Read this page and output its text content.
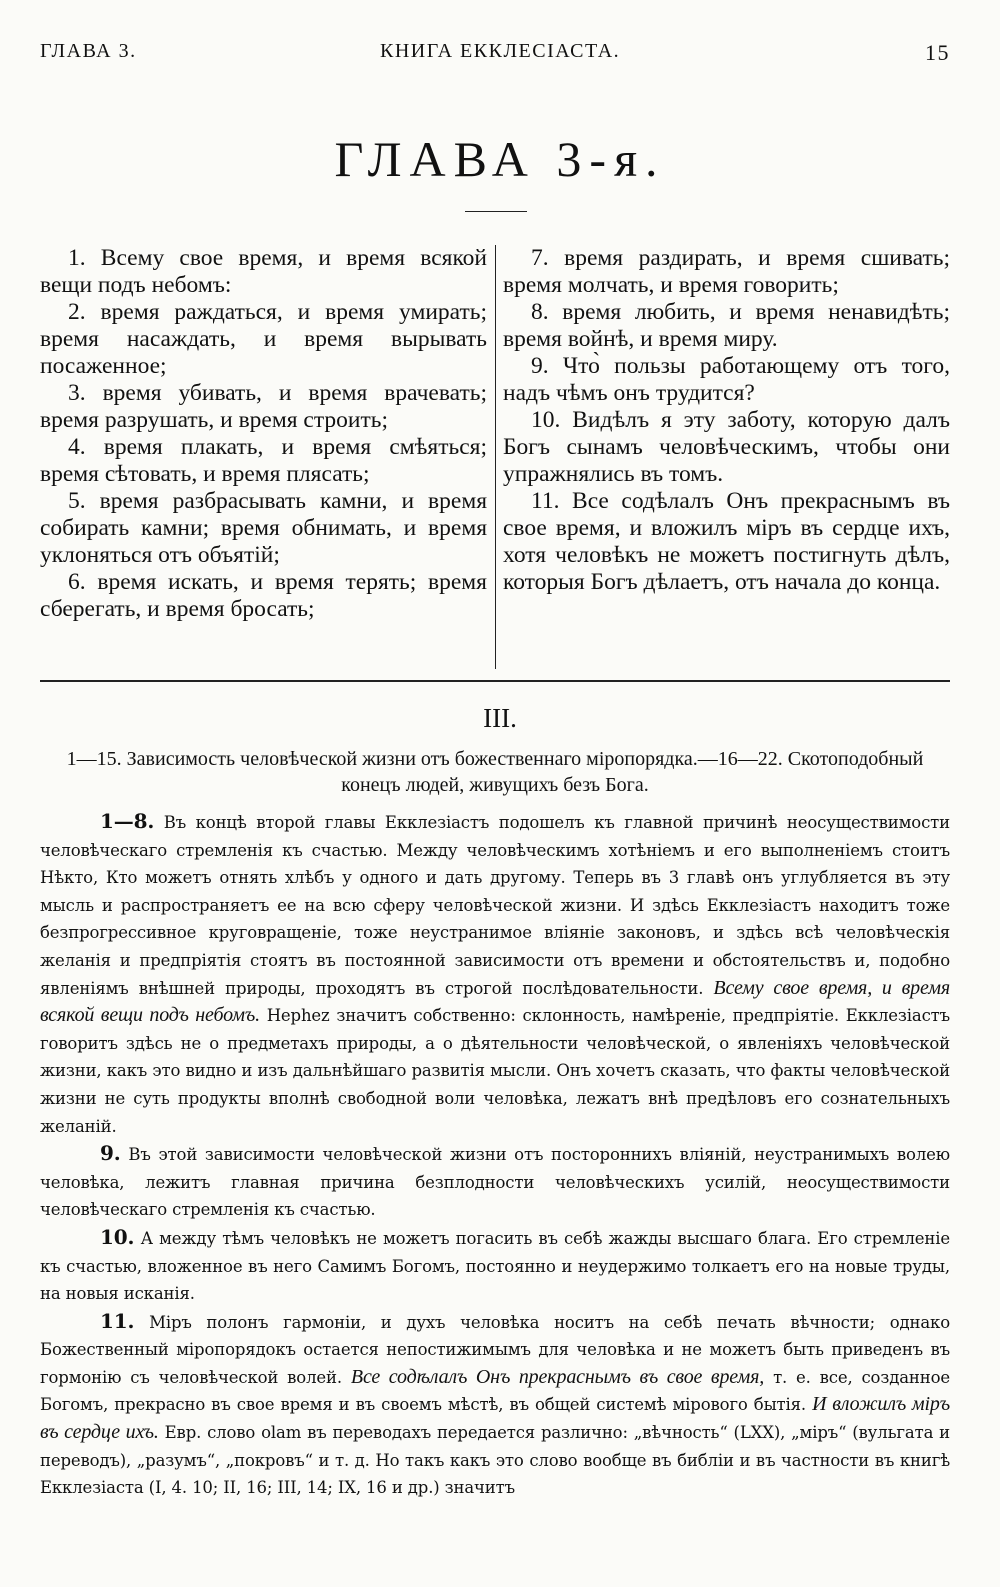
ГЛАВА 3.	КНИГА ЕККЛЕСІАСТА.	15
ГЛАВА 3-я.

1. Всему свое время, и время всякой вещи подъ небомъ:

2. время раждаться, и время умирать; время насаждать, и время вырывать посаженное;

3. время убивать, и время врачевать; время разрушать, и время строить;

4. время плакать, и время смѣяться; время сѣтовать, и время плясать;

5. время разбрасывать камни, и время собирать камни; время обнимать, и время уклоняться отъ объятій;

6. время искать, и время терять; время сберегать, и время бросать;

7. время раздирать, и время сшивать; время молчать, и время говорить;

8. время любить, и время ненавидѣть; время войнѣ, и время миру.

9. Что̀ пользы работающему отъ того, надъ чѣмъ онъ трудится?

10. Видѣлъ я эту заботу, которую далъ Богъ сынамъ человѣческимъ, чтобы они упражнялись въ томъ.

11. Все содѣлалъ Онъ прекраснымъ въ свое время, и вложилъ міръ въ сердце ихъ, хотя человѣкъ не можетъ постигнуть дѣлъ, которыя Богъ дѣлаетъ, отъ начала до конца.

III.
1—15. Зависимость человѣческой жизни отъ божественнаго міропорядка.—16—22. Скотоподобный конецъ людей, живущихъ безъ Бога.

1—8. Въ концѣ второй главы Екклезіастъ подошелъ къ главной причинѣ неосуществимости человѣческаго стремленія къ счастью. Между человѣческимъ хотѣніемъ и его выполненіемъ стоитъ Нѣкто, Кто можетъ отнять хлѣбъ у одного и дать другому. Теперь въ 3 главѣ онъ углубляется въ эту мысль и распространяетъ ее на всю сферу человѣческой жизни. И здѣсь Екклезіастъ находитъ тоже безпрогрессивное круговращеніе, тоже неустранимое вліяніе законовъ, и здѣсь всѣ человѣческія желанія и предпріятія стоятъ въ постоянной зависимости отъ времени и обстоятельствъ и, подобно явленіямъ внѣшней природы, проходятъ въ строгой послѣдовательности. Всему свое время, и время всякой вещи подъ небомъ. Нерhez значитъ собственно: склонность, намѣреніе, предпріятіе. Екклезіастъ говоритъ здѣсь не о предметахъ природы, а о дѣятельности человѣческой, о явленіяхъ человѣческой жизни, какъ это видно и изъ дальнѣйшаго развитія мысли. Онъ хочетъ сказать, что факты человѣческой жизни не суть продукты вполнѣ свободной воли человѣка, лежатъ внѣ предѣловъ его сознательныхъ желаній.

9. Въ этой зависимости человѣческой жизни отъ постороннихъ вліяній, неустранимыхъ волею человѣка, лежитъ главная причина безплодности человѣческихъ усилій, неосуществимости человѣческаго стремленія къ счастью.

10. А между тѣмъ человѣкъ не можетъ погасить въ себѣ жажды высшаго блага. Его стремленіе къ счастью, вложенное въ него Самимъ Богомъ, постоянно и неудержимо толкаетъ его на новые труды, на новыя исканія.

11. Міръ полонъ гармоніи, и духъ человѣка носитъ на себѣ печать вѣчности; однако Божественный міропорядокъ остается непостижимымъ для человѣка и не можетъ быть приведенъ въ гормонію съ человѣческой волей. Все содѣлалъ Онъ прекраснымъ въ свое время, т. е. все, созданное Богомъ, прекрасно въ свое время и въ своемъ мѣстѣ, въ общей системѣ мірового бытія. И вложилъ міръ въ сердце ихъ. Евр. слово olam въ переводахъ передается различно: „вѣчность“ (LXX), „міръ“ (вульгата и переводъ), „разумъ“, „покровъ“ и т. д. Но такъ какъ это слово вообще въ библіи и въ частности въ книгѣ Екклезіаста (I, 4. 10; II, 16; III, 14; IX, 16 и др.) значитъ
